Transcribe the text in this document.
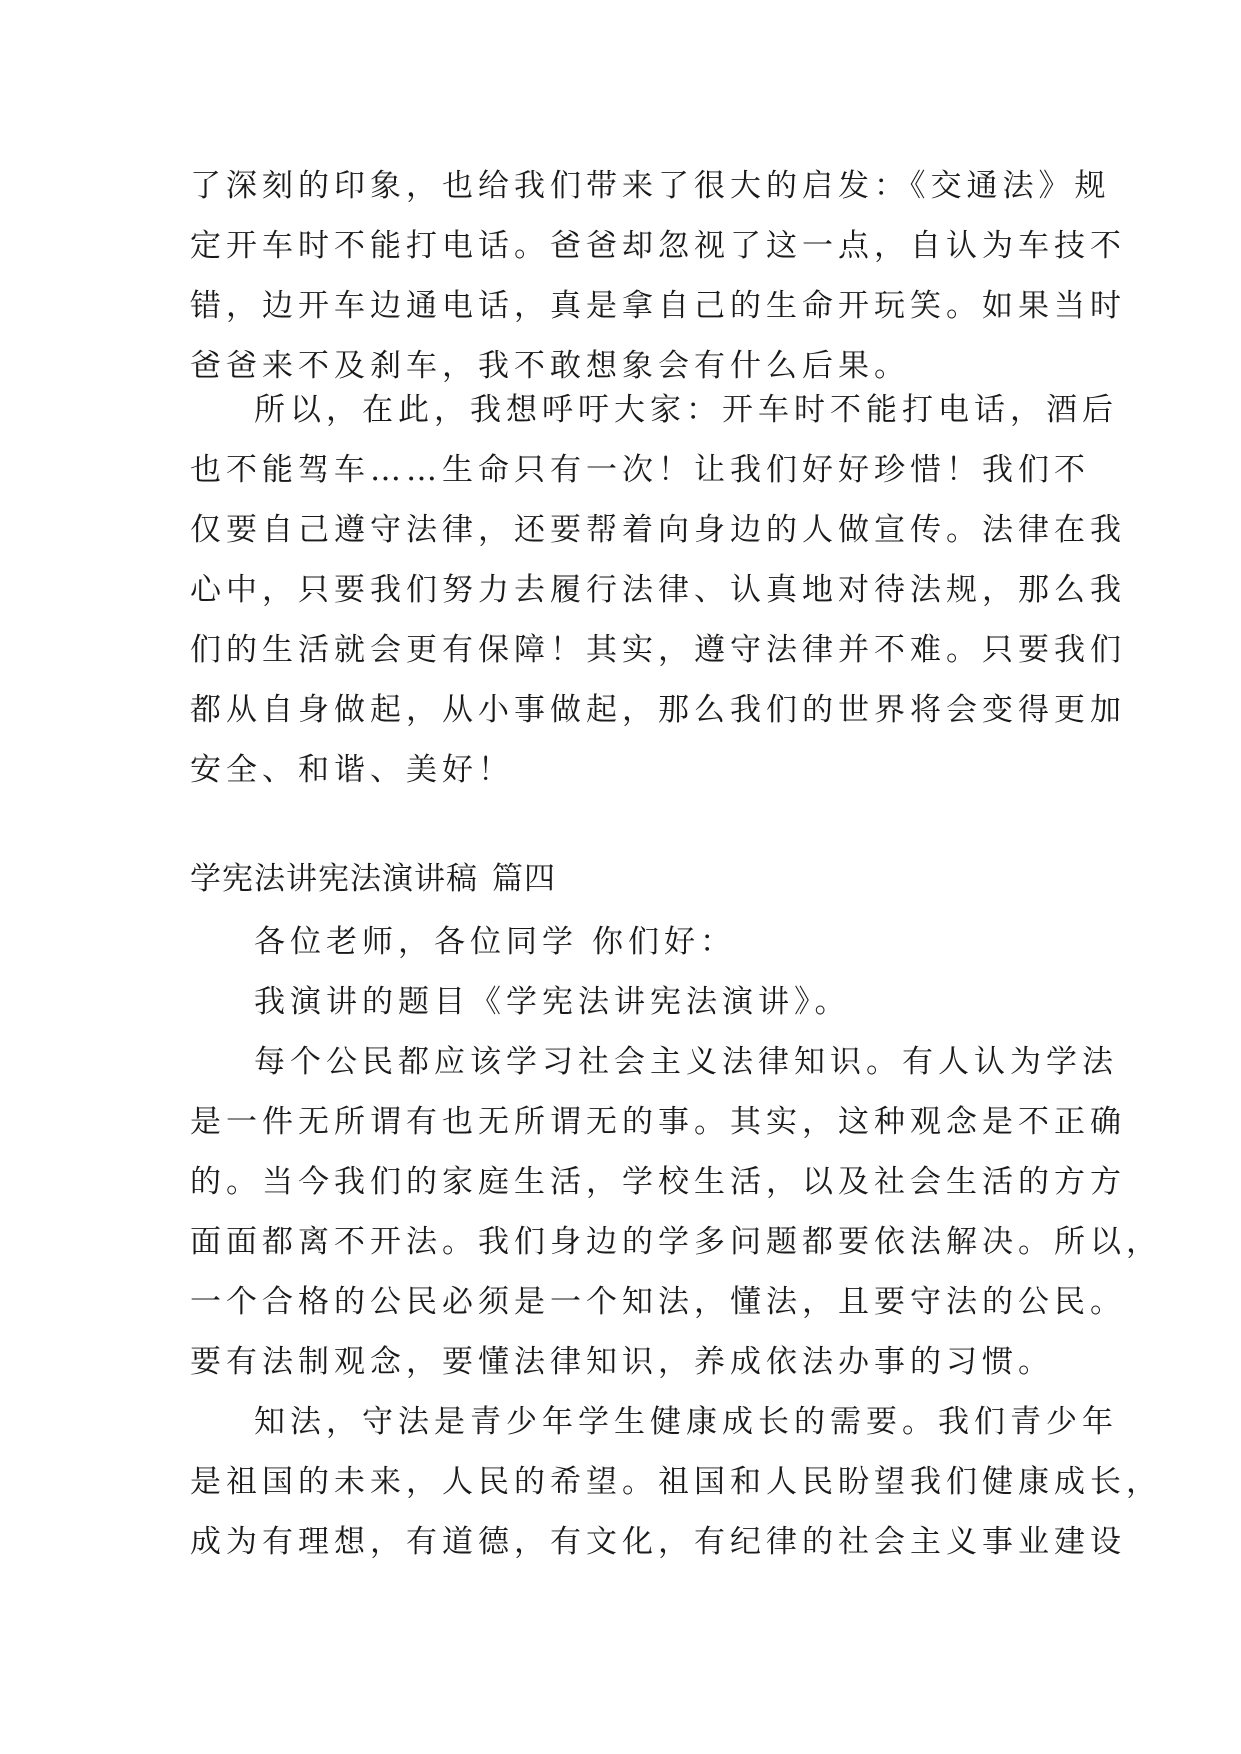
了深刻的印象，也给我们带来了很大的启发：《交通法》规
定开车时不能打电话。爸爸却忽视了这一点，自认为车技不
错，边开车边通电话，真是拿自己的生命开玩笑。如果当时
爸爸来不及刹车，我不敢想象会有什么后果。
所以，在此，我想呼吁大家：开车时不能打电话，酒后
也不能驾车……生命只有一次！让我们好好珍惜！我们不
仅要自己遵守法律，还要帮着向身边的人做宣传。法律在我
心中，只要我们努力去履行法律、认真地对待法规，那么我
们的生活就会更有保障！其实，遵守法律并不难。只要我们
都从自身做起，从小事做起，那么我们的世界将会变得更加
安全、和谐、美好！
学宪法讲宪法演讲稿 篇四
各位老师，各位同学 你们好：
我演讲的题目《学宪法讲宪法演讲》。
每个公民都应该学习社会主义法律知识。有人认为学法
是一件无所谓有也无所谓无的事。其实，这种观念是不正确
的。当今我们的家庭生活，学校生活，以及社会生活的方方
面面都离不开法。我们身边的学多问题都要依法解决。所以，
一个合格的公民必须是一个知法，懂法，且要守法的公民。
要有法制观念，要懂法律知识，养成依法办事的习惯。
知法，守法是青少年学生健康成长的需要。我们青少年
是祖国的未来，人民的希望。祖国和人民盼望我们健康成长，
成为有理想，有道德，有文化，有纪律的社会主义事业建设
